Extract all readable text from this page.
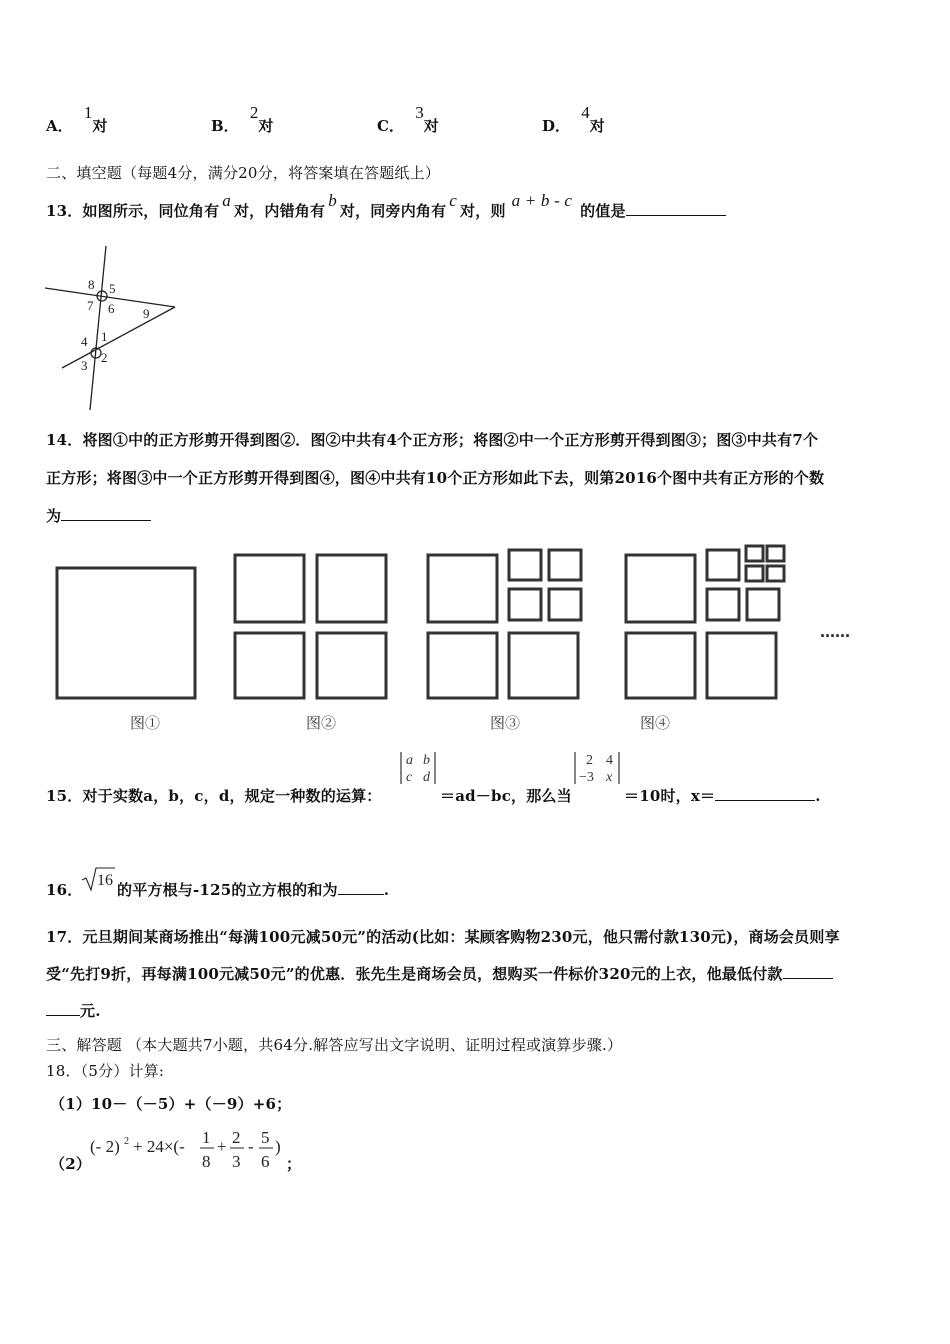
A． 1对	B． 2对	C． 3对	D． 4对
二、填空题（每题4分，满分20分，将答案填在答题纸上）
13．如图所示，同位角有a对，内错角有b对，同旁内角有c对，则a + b - c的值是
8 5
7 6 9
4 1
3
2
14．将图①中的正方形剪开得到图②．图②中共有4个正方形；将图②中一个正方形剪开得到图③；图③中共有7个
正方形；将图③中一个正方形剪开得到图④，图④中共有10个正方形如此下去，则第2016个图中共有正方形的个数
为
……
图①	图②	图③	图④
15．对于实数a，b，c，d，规定一种数的运算：
a b
c d
＝ad－bc，那么当
2 4
−3 x
＝10时，x＝	.
16．
16
的平方根与-125的立方根的和为	.
17．元旦期间某商场推出“每满100元减50元”的活动(比如：某顾客购物230元，他只需付款130元)，商场会员则享
受“先打9折，再每满100元减50元”的优惠．张先生是商场会员，想购买一件标价320元的上衣，他最低付款
元.
三、解答题 （本大题共7小题，共64分.解答应写出文字说明、证明过程或演算步骤.）
18．（5分）计算:
（1）10－（－5）+（－9）+6；
（2）
(- 2) 2 + 24×(- 1
8
+ 2
3
- 5
6
)
；
